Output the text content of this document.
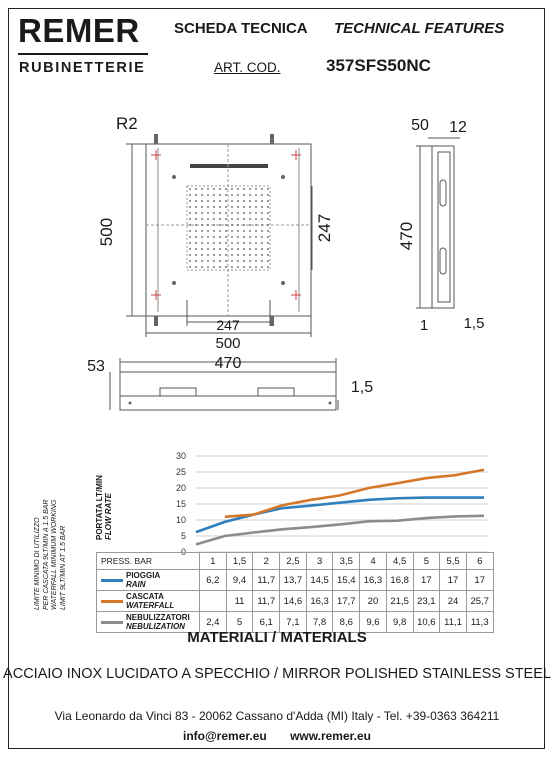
REMER
RUBINETTERIE
SCHEDA TECNICA TECHNICAL FEATURES
ART. COD.	357SFS50NC
R2
500	247
247
500
50 12
470
1 1,5
53	470
1,5
LIMITE MINIMO DI UTILIZZO PER CASCATA 9LT/MIN A 1.5 BAR WATERFALL MINIMUM WORKING LIMIT 9LT/MIN AT 1.5 BAR
PORTATA LT/MIN FLOW RATE
0
5
10
15
20
25
30
PRESS. BAR	1	1,5	2	2,5	3	3,5	4	4,5	5	5,5	6
PIOGGIA
RAIN	6,2	9,4	11,7	13,7	14,5	15,4	16,3	16,8	17	17	17
CASCATA
WATERFALL		11	11,7	14,6	16,3	17,7	20	21,5	23,1	24	25,7
NEBULIZZATORI
NEBULIZATION	2,4	5	6,1	7,1	7,8	8,6	9,6	9,8	10,6	11,1	11,3
MATERIALI / MATERIALS
ACCIAIO INOX LUCIDATO A SPECCHIO / MIRROR POLISHED STAINLESS STEEL
Via Leonardo da Vinci 83 - 20062 Cassano d'Adda (MI) Italy - Tel. +39-0363 364211
info@remer.eu www.remer.eu
